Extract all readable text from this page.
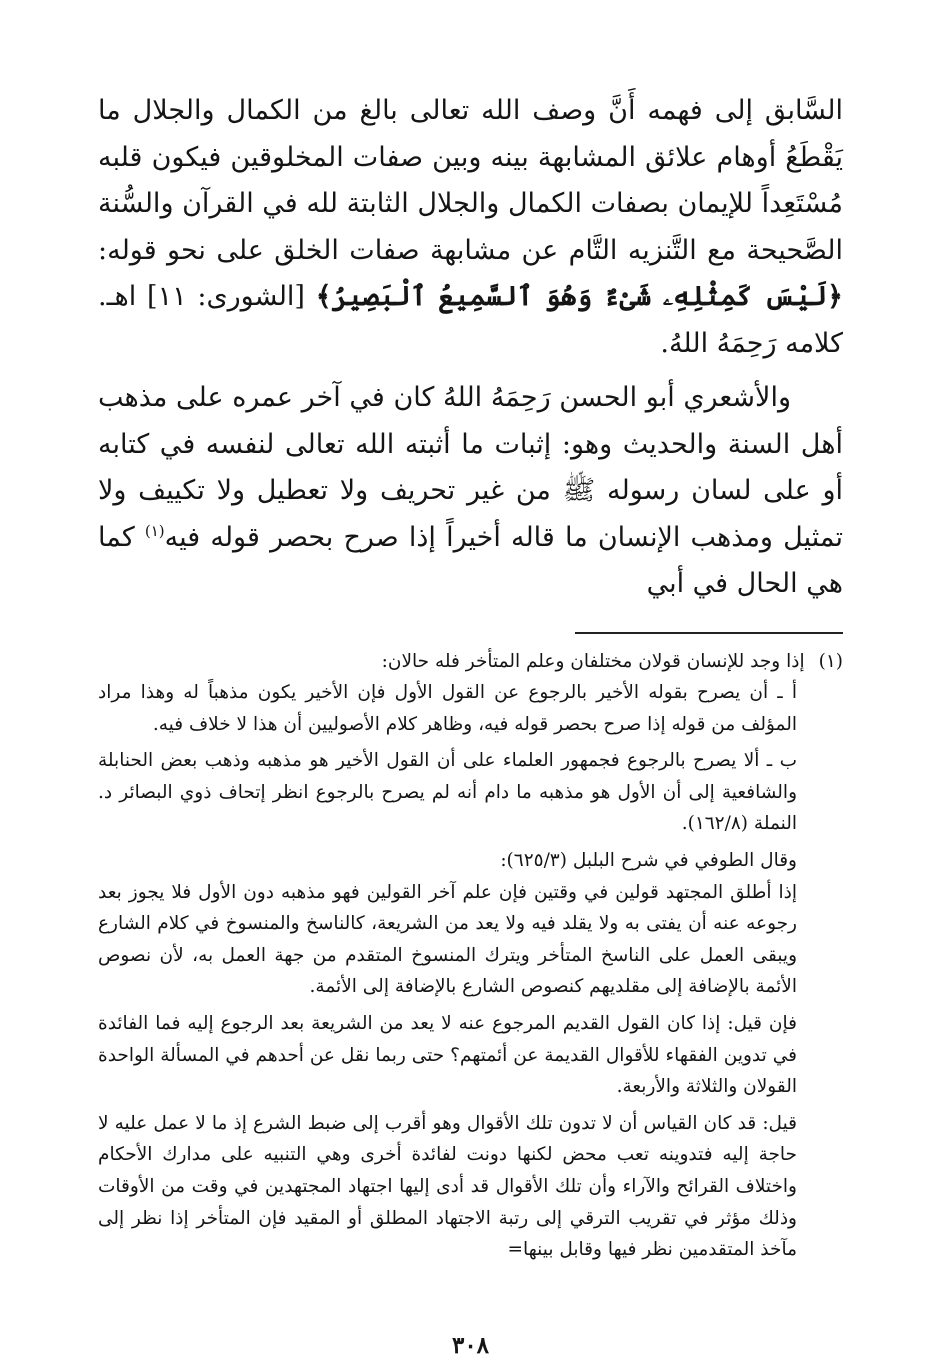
السَّابق إلى فهمه أَنَّ وصف الله تعالى بالغ من الكمال والجلال ما يَقْطَعُ أوهام علائق المشابهة بينه وبين صفات المخلوقين فيكون قلبه مُسْتَعِداً للإيمان بصفات الكمال والجلال الثابتة لله في القرآن والسُّنة الصَّحيحة مع التَّنزيه التَّام عن مشابهة صفات الخلق على نحو قوله: ﴿لَيْسَ كَمِثْلِهِۦ شَىْءٌ وَهُوَ ٱلسَّمِيعُ ٱلْبَصِيرُ﴾ [الشورى: ١١] اهـ. كلامه رَحِمَهُ اللهُ.

والأشعري أبو الحسن رَحِمَهُ اللهُ كان في آخر عمره على مذهب أهل السنة والحديث وهو: إثبات ما أثبته الله تعالى لنفسه في كتابه أو على لسان رسوله ﷺ من غير تحريف ولا تعطيل ولا تكييف ولا تمثيل ومذهب الإنسان ما قاله أخيراً إذا صرح بحصر قوله فيه$^{(١)}$ كما هي الحال في أبي

(١)
إذا وجد للإنسان قولان مختلفان وعلم المتأخر فله حالان:

أ ـ أن يصرح بقوله الأخير بالرجوع عن القول الأول فإن الأخير يكون مذهباً له وهذا مراد المؤلف من قوله إذا صرح بحصر قوله فيه، وظاهر كلام الأصوليين أن هذا لا خلاف فيه.

ب ـ ألا يصرح بالرجوع فجمهور العلماء على أن القول الأخير هو مذهبه وذهب بعض الحنابلة والشافعية إلى أن الأول هو مذهبه ما دام أنه لم يصرح بالرجوع انظر إتحاف ذوي البصائر د. النملة (١٦٢/٨).

وقال الطوفي في شرح البلبل (٦٢٥/٣):

إذا أطلق المجتهد قولين في وقتين فإن علم آخر القولين فهو مذهبه دون الأول فلا يجوز بعد رجوعه عنه أن يفتى به ولا يقلد فيه ولا يعد من الشريعة، كالناسخ والمنسوخ في كلام الشارع ويبقى العمل على الناسخ المتأخر ويترك المنسوخ المتقدم من جهة العمل به، لأن نصوص الأئمة بالإضافة إلى مقلديهم كنصوص الشارع بالإضافة إلى الأئمة.

فإن قيل: إذا كان القول القديم المرجوع عنه لا يعد من الشريعة بعد الرجوع إليه فما الفائدة في تدوين الفقهاء للأقوال القديمة عن أئمتهم؟ حتى ربما نقل عن أحدهم في المسألة الواحدة القولان والثلاثة والأربعة.

قيل: قد كان القياس أن لا تدون تلك الأقوال وهو أقرب إلى ضبط الشرع إذ ما لا عمل عليه لا حاجة إليه فتدوينه تعب محض لكنها دونت لفائدة أخرى وهي التنبيه على مدارك الأحكام واختلاف القرائح والآراء وأن تلك الأقوال قد أدى إليها اجتهاد المجتهدين في وقت من الأوقات وذلك مؤثر في تقريب الترقي إلى رتبة الاجتهاد المطلق أو المقيد فإن المتأخر إذا نظر إلى مآخذ المتقدمين نظر فيها وقابل بينها=

٣٠٨
